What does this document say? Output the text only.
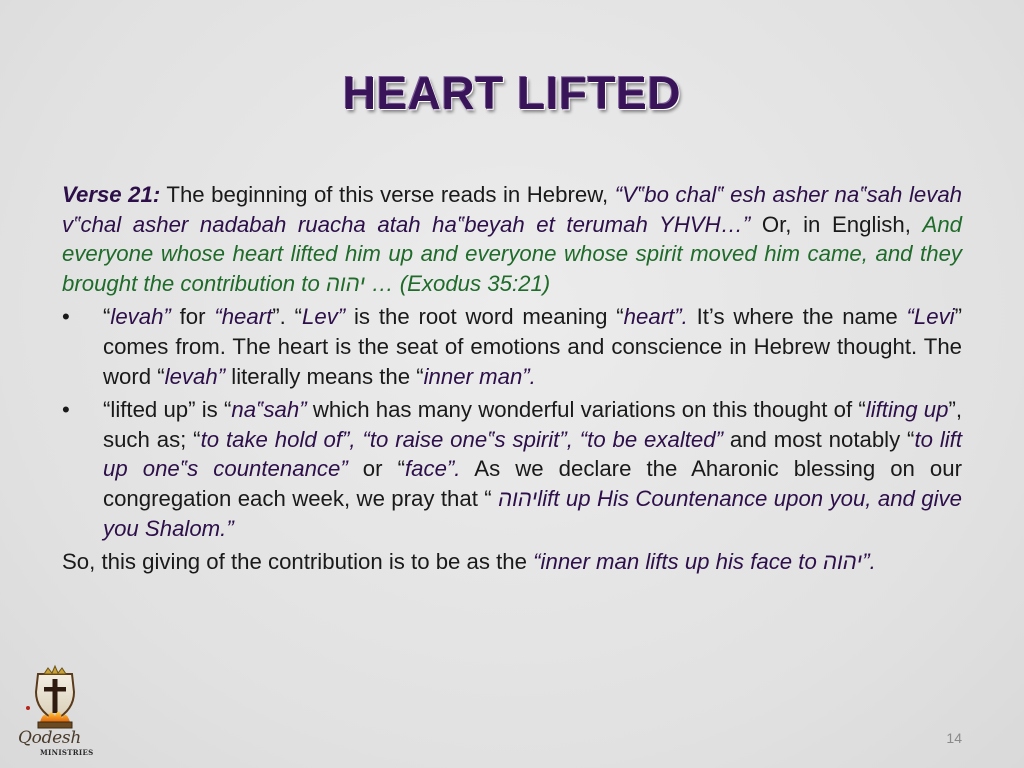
HEART LIFTED

Verse 21: The beginning of this verse reads in Hebrew, “V‟bo chal‟ esh asher na‟sah levah v‟chal asher nadabah ruacha atah ha‟beyah et terumah YHVH…” Or, in English, And everyone whose heart lifted him up and everyone whose spirit moved him came, and they brought the contribution to יהוה … (Exodus 35:21)

• “levah” for “heart”. “Lev” is the root word meaning “heart”. It’s where the name “Levi” comes from. The heart is the seat of emotions and conscience in Hebrew thought. The word “levah” literally means the “inner man”.
• “lifted up” is “na‟sah” which has many wonderful variations on this thought of “lifting up”, such as; “to take hold of”, “to raise one‟s spirit”, “to be exalted” and most notably “to lift up one‟s countenance” or “face”. As we declare the Aharonic blessing on our congregation each week, we pray that “ יהוהlift up His Countenance upon you, and give you Shalom.”

So, this giving of the contribution is to be as the “inner man lifts up his face to יהוה”.

Qodesh
MINISTRIES
14
